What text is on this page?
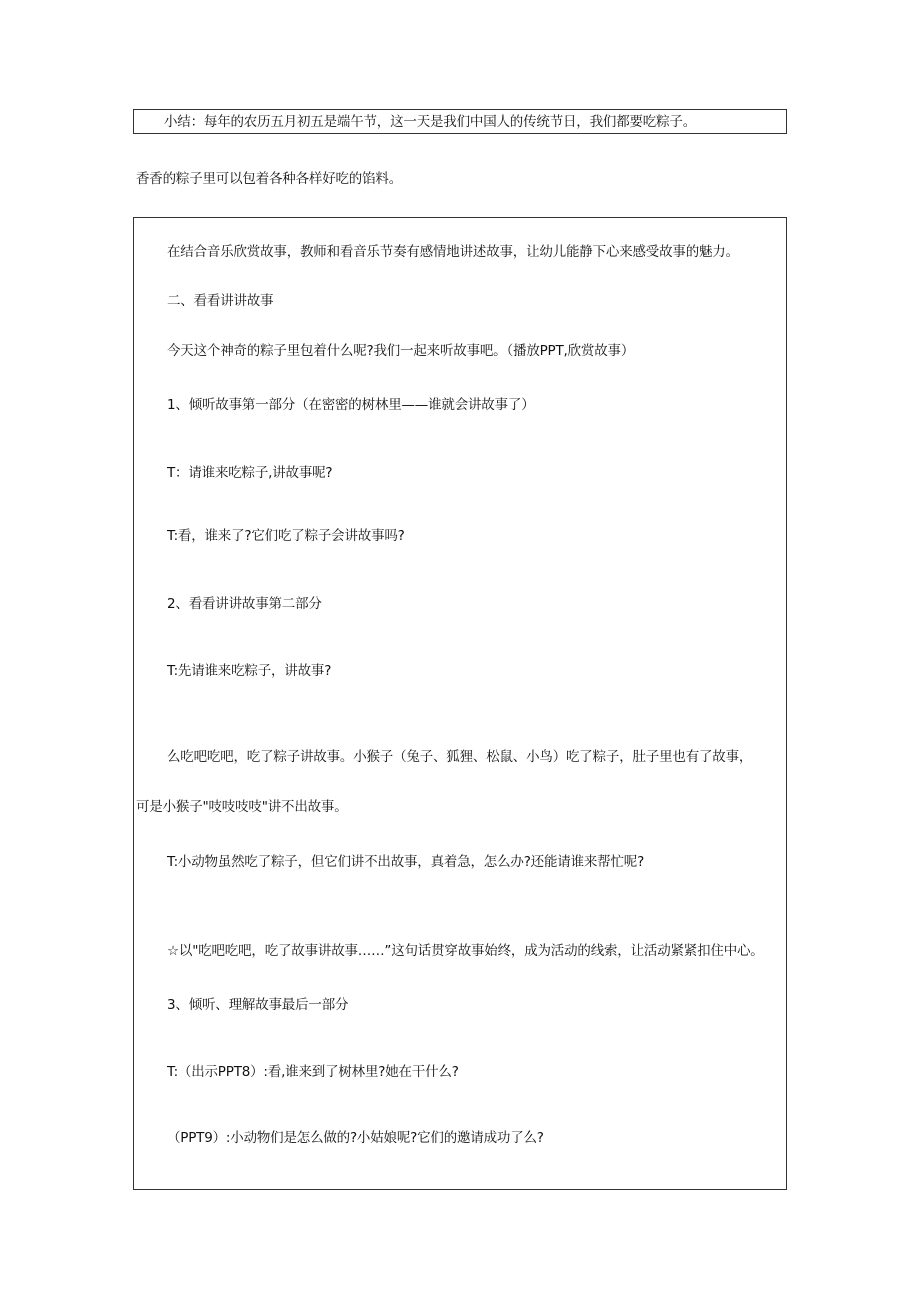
小结：每年的农历五月初五是端午节，这一天是我们中国人的传统节日，我们都要吃粽子。
香香的粽子里可以包着各种各样好吃的馅料。
在结合音乐欣赏故事，教师和看音乐节奏有感情地讲述故事，让幼儿能静下心来感受故事的魅力。
二、看看讲讲故事
今天这个神奇的粽子里包着什么呢?我们一起来听故事吧。（播放PPT,欣赏故事）
1、倾听故事第一部分（在密密的树林里——谁就会讲故事了）
T：请谁来吃粽子,讲故事呢?
T:看，谁来了?它们吃了粽子会讲故事吗?
2、看看讲讲故事第二部分
T:先请谁来吃粽子，讲故事?
么吃吧吃吧，吃了粽子讲故事。小猴子（兔子、狐狸、松鼠、小鸟）吃了粽子，肚子里也有了故事，
可是小猴子"吱吱吱吱"讲不出故事。
T:小动物虽然吃了粽子，但它们讲不出故事，真着急，怎么办?还能请谁来帮忙呢?
☆以"吃吧吃吧，吃了故事讲故事……”这句话贯穿故事始终，成为活动的线索，让活动紧紧扣住中心。
3、倾听、理解故事最后一部分
T:（出示PPT8）:看,谁来到了树林里?她在干什么?
（PPT9）:小动物们是怎么做的?小姑娘呢?它们的邀请成功了么?
